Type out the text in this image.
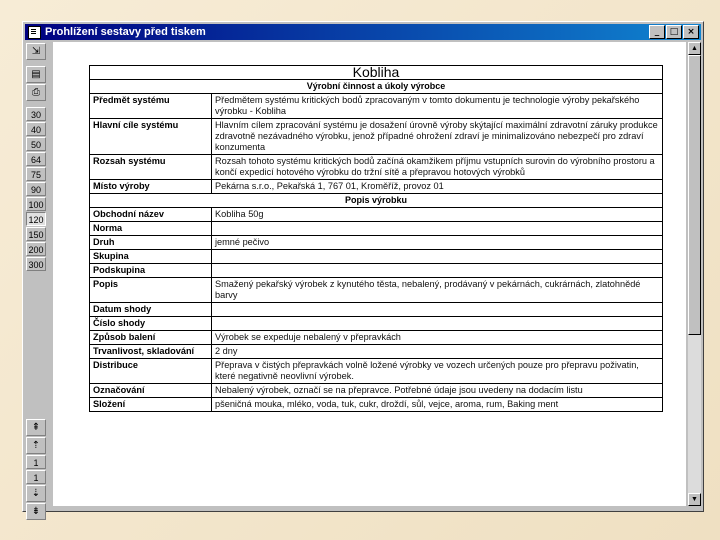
Prohlížení sestavy před tiskem	_	□ ×
⇲
▤
⎙
30
40
50
64
75
90
100
120
150
200
300
⇞
⇡
1
1
⇣
⇟
Kobliha	
Výrobní činnost a úkoly výrobce	
Předmět systému	Předmětem systému kritických bodů zpracovaným v tomto dokumentu je technologie výroby pekařského výrobku - Kobliha
Hlavní cíle systému	Hlavním cílem zpracování systému je dosažení úrovně výroby skýtající maximální zdravotní záruky produkce zdravotně nezávadného výrobku, jenož případné ohrožení zdraví je minimalizováno nebezpečí pro zdraví konzumenta
Rozsah systému	Rozsah tohoto systému kritických bodů začíná okamžikem příjmu vstupních surovin do výrobního prostoru a končí expedicí hotového výrobku do tržní sítě a přepravou hotových výrobků
Místo výroby	Pekárna s.r.o., Pekařská 1, 767 01, Kroměříž, provoz 01
Popis výrobku	
Obchodní název	Kobliha 50g
Norma	
Druh	jemné pečivo
Skupina	
Podskupina	
Popis	Smažený pekařský výrobek z kynutého těsta, nebalený, prodávaný v pekárnách, cukrárnách, zlatohnědé barvy
Datum shody	
Číslo shody	
Způsob balení	Výrobek se expeduje nebalený v přepravkách
Trvanlivost, skladování	2 dny
Distribuce	Přeprava v čistých přepravkách volně ložené výrobky ve vozech určených pouze pro přepravu poživatin, které negativně neovlivní výrobek.
Označování	Nebalený výrobek, označí se na přepravce. Potřebné údaje jsou uvedeny na dodacím listu
Složení	pšeničná mouka, mléko, voda, tuk, cukr, droždí, sůl, vejce, aroma, rum, Baking ment
▲
▼
